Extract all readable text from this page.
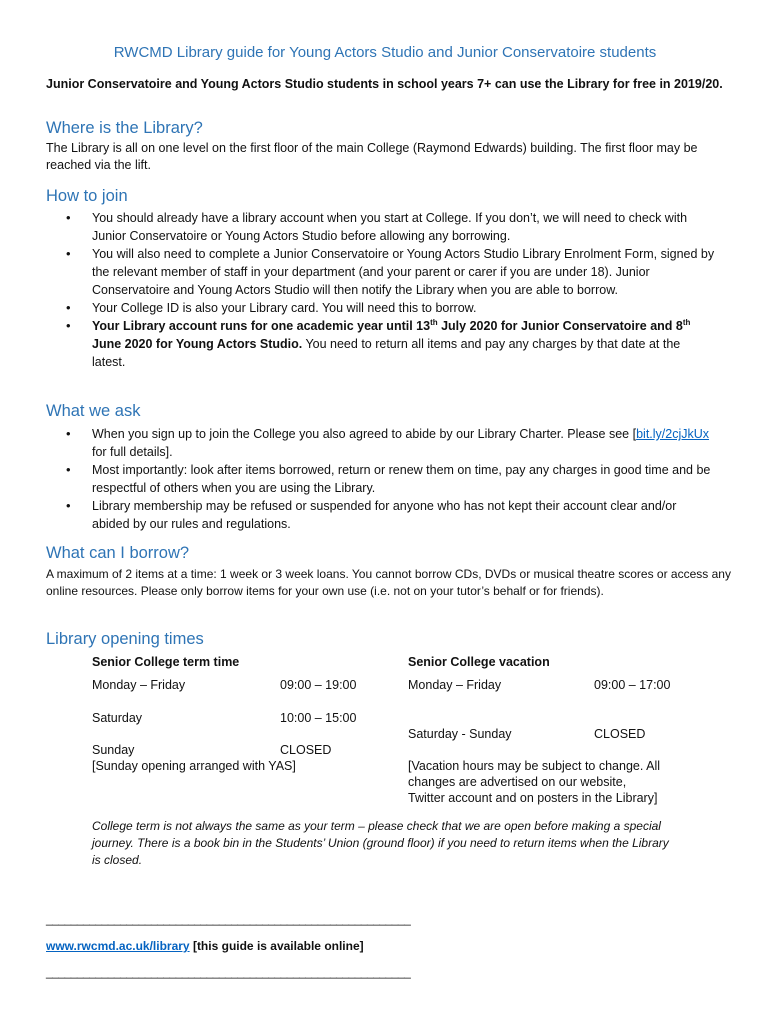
RWCMD Library guide for Young Actors Studio and Junior Conservatoire students
Junior Conservatoire and Young Actors Studio students in school years 7+ can use the Library for free in 2019/20.
Where is the Library?
The Library is all on one level on the first floor of the main College (Raymond Edwards) building. The first floor may be reached via the lift.
How to join
• You should already have a library account when you start at College. If you don’t, we will need to check with Junior Conservatoire or Young Actors Studio before allowing any borrowing.
• You will also need to complete a Junior Conservatoire or Young Actors Studio Library Enrolment Form, signed by the relevant member of staff in your department (and your parent or carer if you are under 18). Junior Conservatoire and Young Actors Studio will then notify the Library when you are able to borrow.
• Your College ID is also your Library card. You will need this to borrow.
• Your Library account runs for one academic year until 13th July 2020 for Junior Conservatoire and 8th June 2020 for Young Actors Studio. You need to return all items and pay any charges by that date at the latest.
What we ask
• When you sign up to join the College you also agreed to abide by our Library Charter. Please see [bit.ly/2cjJkUx for full details].
• Most importantly: look after items borrowed, return or renew them on time, pay any charges in good time and be respectful of others when you are using the Library.
• Library membership may be refused or suspended for anyone who has not kept their account clear and/or abided by our rules and regulations.
What can I borrow?
A maximum of 2 items at a time: 1 week or 3 week loans. You cannot borrow CDs, DVDs or musical theatre scores or access any online resources. Please only borrow items for your own use (i.e. not on your tutor’s behalf or for friends).
Library opening times
Senior College term time
Monday – Friday	09:00 – 19:00
Saturday	10:00 – 15:00
Sunday	CLOSED
[Sunday opening arranged with YAS]
Senior College vacation
Monday – Friday	09:00 – 17:00
Saturday - Sunday	CLOSED
[Vacation hours may be subject to change. All
changes are advertised on our website,
Twitter account and on posters in the Library]
College term is not always the same as your term – please check that we are open before making a special journey. There is a book bin in the Students’ Union (ground floor) if you need to return items when the Library is closed.
___________________________________________________________
www.rwcmd.ac.uk/library [this guide is available online]
___________________________________________________________
